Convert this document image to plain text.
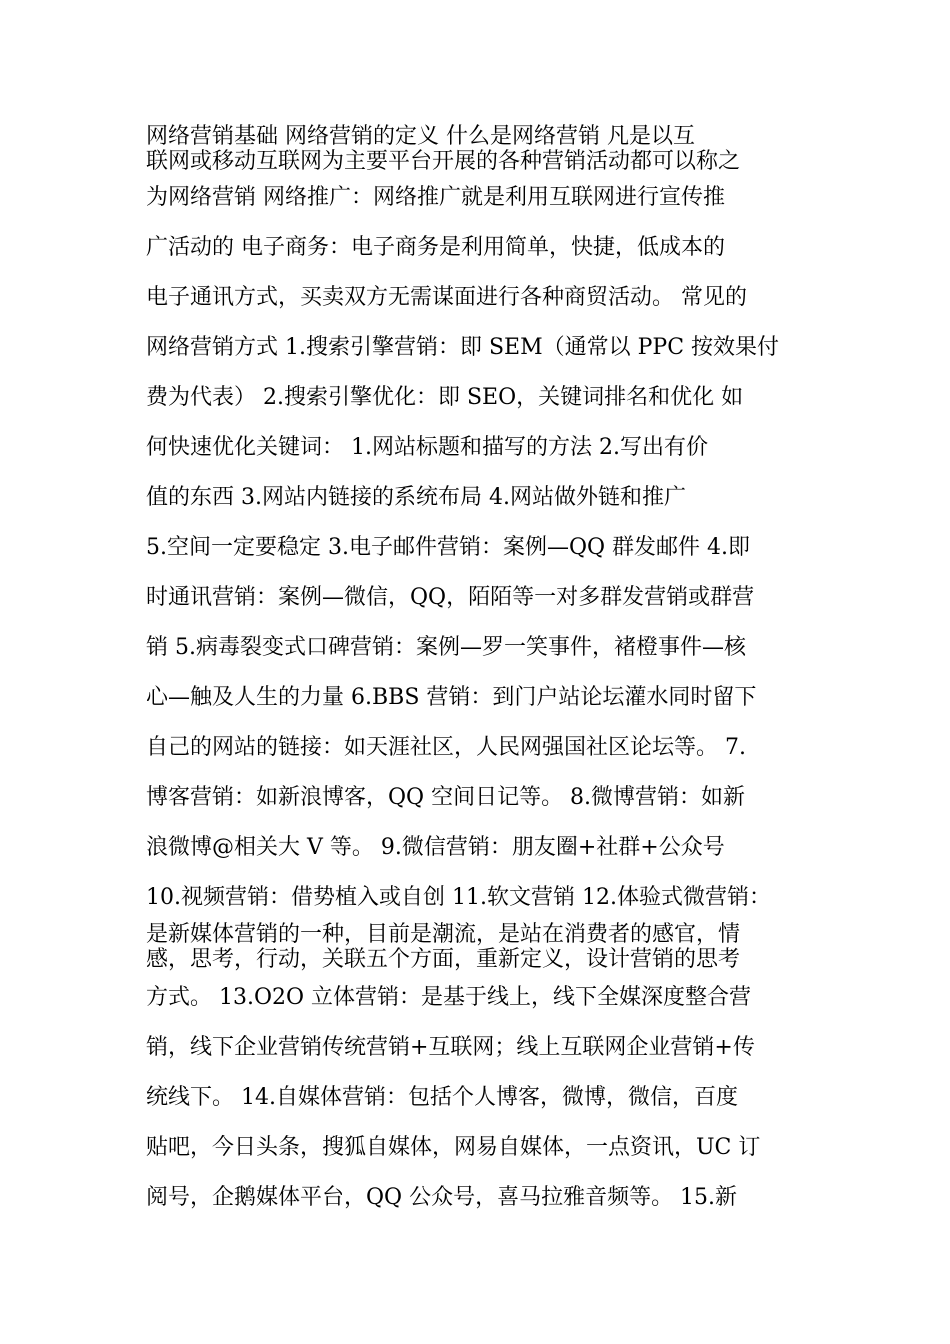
网络营销基础 网络营销的定义 什么是网络营销 凡是以互
联网或移动互联网为主要平台开展的各种营销活动都可以称之
为网络营销 网络推广：网络推广就是利用互联网进行宣传推
广活动的 电子商务：电子商务是利用简单，快捷，低成本的
电子通讯方式，买卖双方无需谋面进行各种商贸活动。 常见的
网络营销方式 1.搜索引擎营销：即 SEM（通常以 PPC 按效果付
费为代表） 2.搜索引擎优化：即 SEO，关键词排名和优化 如
何快速优化关键词： 1.网站标题和描写的方法 2.写出有价
值的东西 3.网站内链接的系统布局 4.网站做外链和推广
5.空间一定要稳定 3.电子邮件营销：案例—QQ 群发邮件 4.即
时通讯营销：案例—微信，QQ，陌陌等一对多群发营销或群营
销 5.病毒裂变式口碑营销：案例—罗一笑事件，褚橙事件—核
心—触及人生的力量 6.BBS 营销：到门户站论坛灌水同时留下
自己的网站的链接：如天涯社区，人民网强国社区论坛等。 7.
博客营销：如新浪博客，QQ 空间日记等。 8.微博营销：如新
浪微博@相关大 V 等。 9.微信营销：朋友圈+社群+公众号
10.视频营销：借势植入或自创 11.软文营销 12.体验式微营销：
是新媒体营销的一种，目前是潮流，是站在消费者的感官，情
感，思考，行动，关联五个方面，重新定义，设计营销的思考
方式。 13.O2O 立体营销：是基于线上，线下全媒深度整合营
销，线下企业营销传统营销+互联网；线上互联网企业营销+传
统线下。 14.自媒体营销：包括个人博客，微博，微信，百度
贴吧，今日头条，搜狐自媒体，网易自媒体，一点资讯，UC 订
阅号，企鹅媒体平台，QQ 公众号，喜马拉雅音频等。 15.新
